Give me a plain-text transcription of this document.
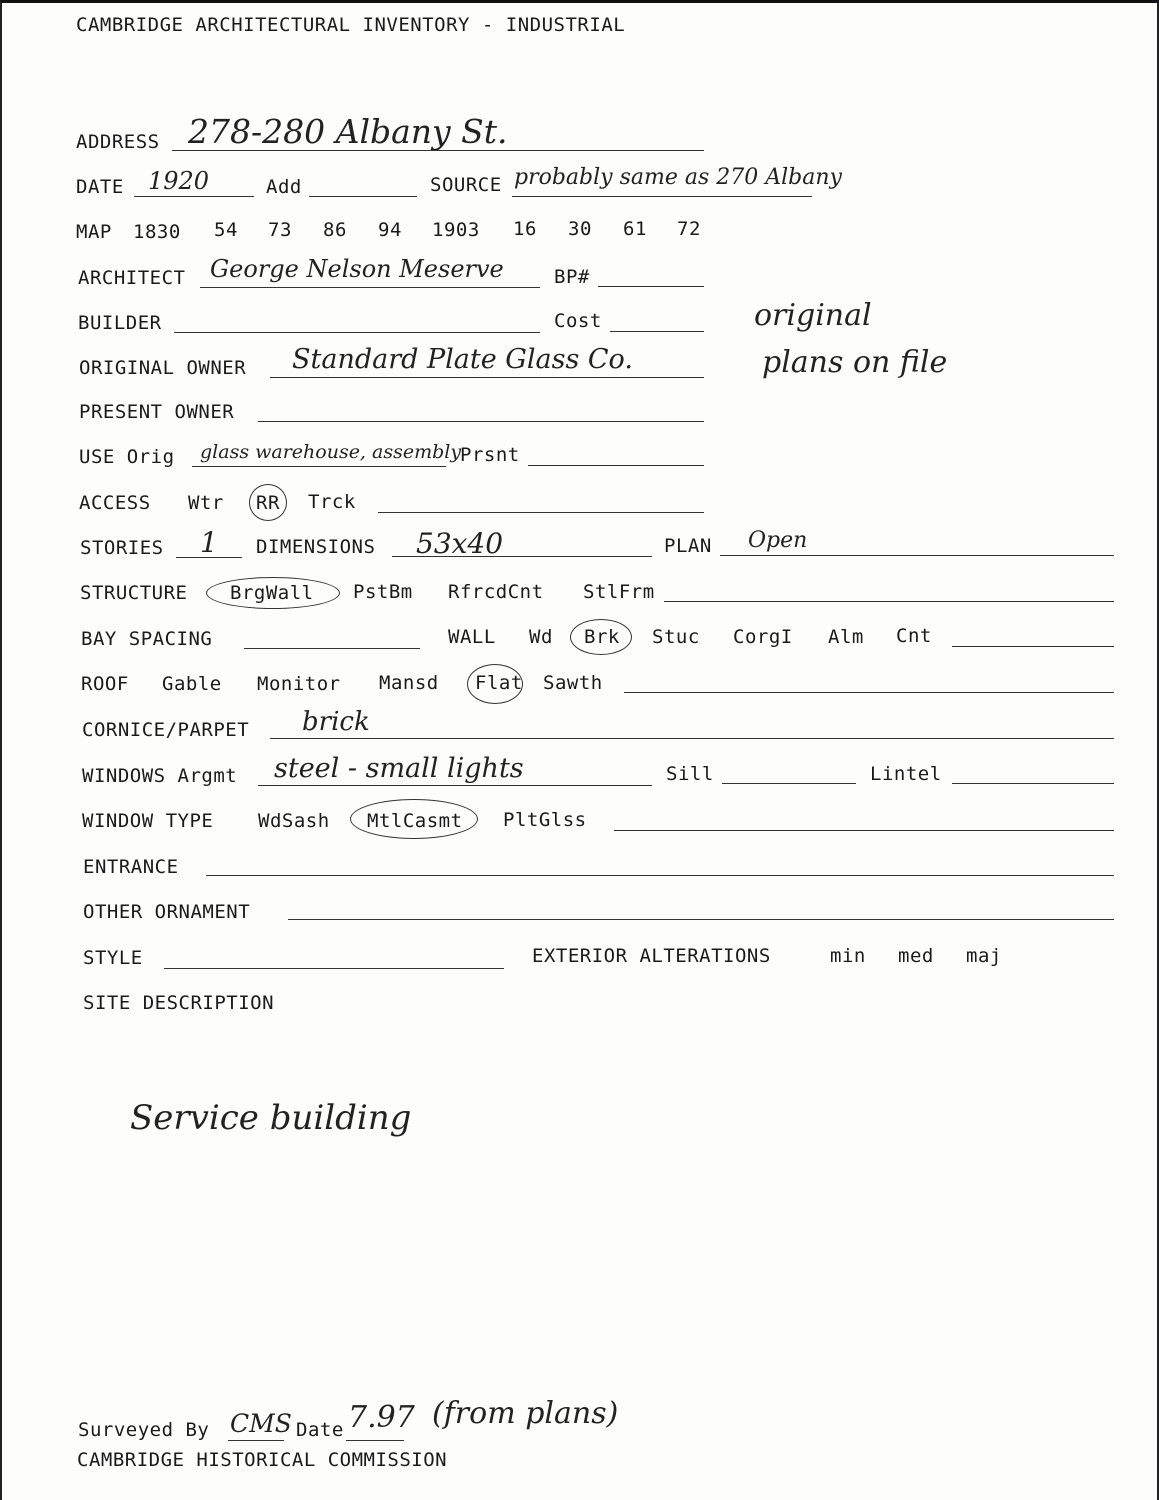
CAMBRIDGE ARCHITECTURAL INVENTORY - INDUSTRIAL
ADDRESS 278-280 Albany St.
DATE 1920	Add	SOURCE probably same as 270 Albany
MAP 1830 54 73 86 94 1903 16 30 61 72
ARCHITECT George Nelson Meserve	BP#
BUILDER	Cost	original
plans on file
ORIGINAL OWNER Standard Plate Glass Co.
PRESENT OWNER
USE Orig glass warehouse, assembly
Prsnt
ACCESS Wtr RR Trck
STORIES 1 DIMENSIONS 53x40	PLAN Open
STRUCTURE BrgWall PstBm RfrcdCnt StlFrm
BAY SPACING	WALL Wd Brk Stuc CorgI Alm Cnt
ROOF Gable Monitor Mansd Flat Sawth
CORNICE/PARPET brick
WINDOWS Argmt steel - small lights	Sill	Lintel
WINDOW TYPE WdSash MtlCasmt PltGlss
ENTRANCE
OTHER ORNAMENT
STYLE	EXTERIOR ALTERATIONS	min med maj
SITE DESCRIPTION
Service building
Surveyed By CMS Date 7.97 (from plans)
CAMBRIDGE HISTORICAL COMMISSION
